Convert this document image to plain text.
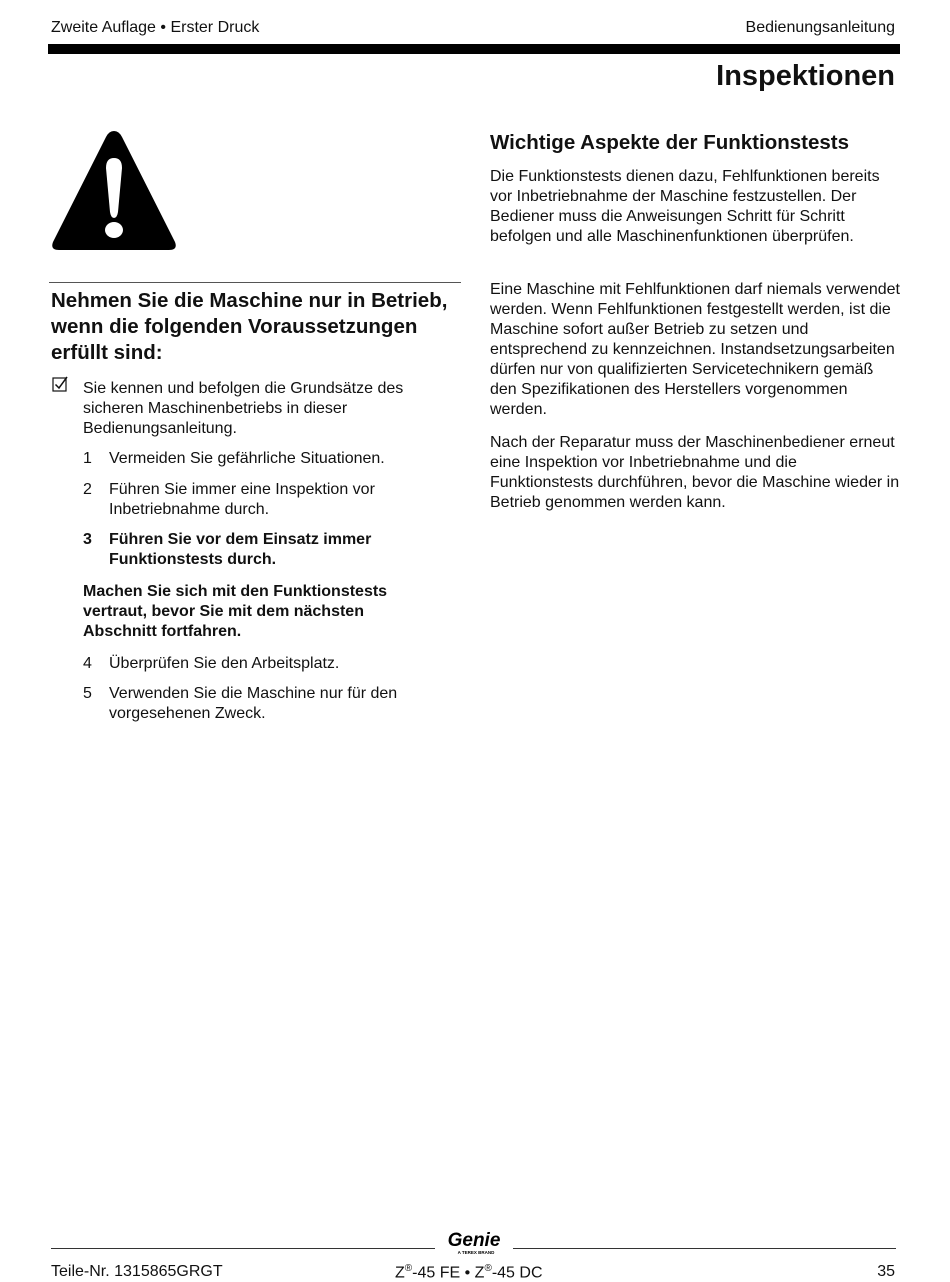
Zweite Auflage • Erster Druck	Bedienungsanleitung
Inspektionen
Nehmen Sie die Maschine nur in Betrieb, wenn die folgenden Voraussetzungen erfüllt sind:
Sie kennen und befolgen die Grundsätze des sicheren Maschinenbetriebs in dieser Bedienungsanleitung.
1	Vermeiden Sie gefährliche Situationen.
2	Führen Sie immer eine Inspektion vor Inbetriebnahme durch.
3	Führen Sie vor dem Einsatz immer Funktionstests durch.
Machen Sie sich mit den Funktionstests vertraut, bevor Sie mit dem nächsten Abschnitt fortfahren.
4	Überprüfen Sie den Arbeitsplatz.
5	Verwenden Sie die Maschine nur für den vorgesehenen Zweck.
Wichtige Aspekte der Funktionstests
Die Funktionstests dienen dazu, Fehlfunktionen bereits vor Inbetriebnahme der Maschine festzustellen. Der Bediener muss die Anweisungen Schritt für Schritt befolgen und alle Maschinenfunktionen überprüfen.
Eine Maschine mit Fehlfunktionen darf niemals verwendet werden. Wenn Fehlfunktionen festgestellt werden, ist die Maschine sofort außer Betrieb zu setzen und entsprechend zu kennzeichnen. Instandsetzungsarbeiten dürfen nur von qualifizierten Servicetechnikern gemäß den Spezifikationen des Herstellers vorgenommen werden.
Nach der Reparatur muss der Maschinenbediener erneut eine Inspektion vor Inbetriebnahme und die Funktionstests durchführen, bevor die Maschine wieder in Betrieb genommen werden kann.
Genie
A TEREX BRAND
Teile-Nr. 1315865GRGT	Z®-45 FE • Z®-45 DC	35
